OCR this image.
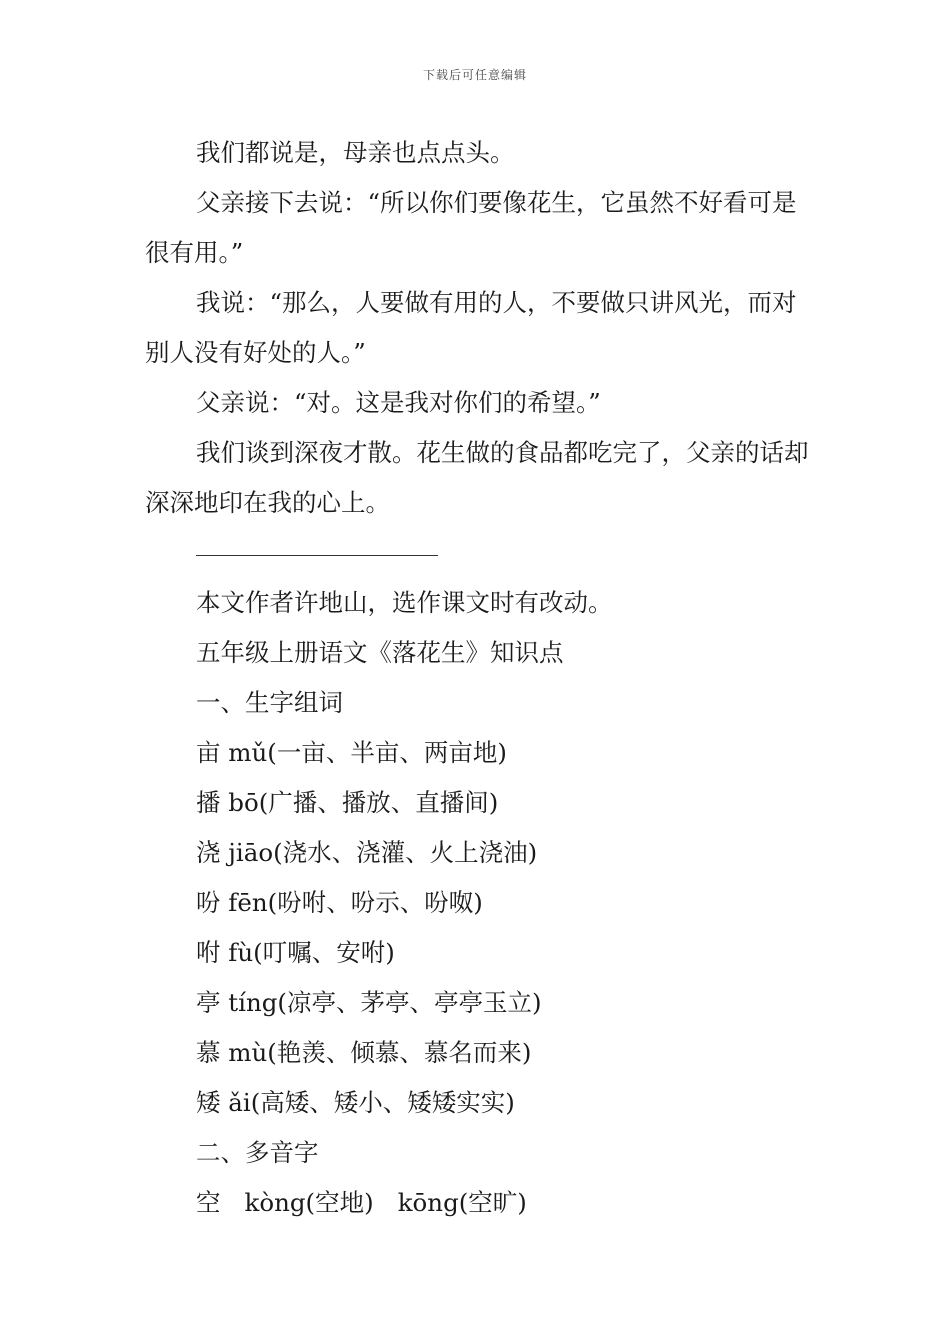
下载后可任意编辑

我们都说是，母亲也点点头。

父亲接下去说：“所以你们要像花生，它虽然不好看可是很有用。”

我说：“那么，人要做有用的人，不要做只讲风光，而对别人没有好处的人。”

父亲说：“对。这是我对你们的希望。”

我们谈到深夜才散。花生做的食品都吃完了，父亲的话却深深地印在我的心上。

本文作者许地山，选作课文时有改动。

五年级上册语文《落花生》知识点

一、生字组词

亩 mǔ(一亩、半亩、两亩地)

播 bō(广播、播放、直播间)

浇 jiāo(浇水、浇灌、火上浇油)

吩 fēn(吩咐、吩示、吩呶)

咐 fù(叮嘱、安咐)

亭 tíng(凉亭、茅亭、亭亭玉立)

慕 mù(艳羡、倾慕、慕名而来)

矮 ǎi(高矮、矮小、矮矮实实)

二、多音字

空 kòng(空地) kōng(空旷)
